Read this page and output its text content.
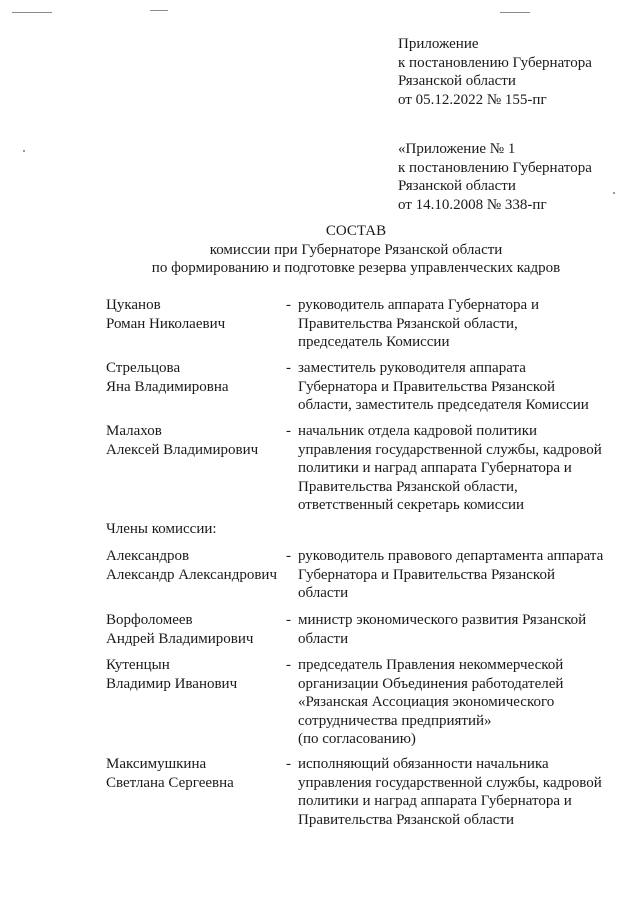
Приложение
к постановлению Губернатора
Рязанской области
от 05.12.2022 № 155-пг
«Приложение № 1
к постановлению Губернатора
Рязанской области
от 14.10.2008 № 338-пг
СОСТАВ
комиссии при Губернаторе Рязанской области
по формированию и подготовке резерва управленческих кадров
Цуканов
Роман Николаевич
- руководитель аппарата Губернатора и
Правительства Рязанской области,
председатель Комиссии
Стрельцова
Яна Владимировна
- заместитель руководителя аппарата
Губернатора и Правительства Рязанской
области, заместитель председателя Комиссии
Малахов
Алексей Владимирович
- начальник отдела кадровой политики
управления государственной службы, кадровой
политики и наград аппарата Губернатора и
Правительства Рязанской области,
ответственный секретарь комиссии
Члены комиссии:
Александров
Александр Александрович
- руководитель правового департамента аппарата
Губернатора и Правительства Рязанской
области
Ворфоломеев
Андрей Владимирович
- министр экономического развития Рязанской
области
Кутенцын
Владимир Иванович
- председатель Правления некоммерческой
организации Объединения работодателей
«Рязанская Ассоциация экономического
сотрудничества предприятий»
(по согласованию)
Максимушкина
Светлана Сергеевна
- исполняющий обязанности начальника
управления государственной службы, кадровой
политики и наград аппарата Губернатора и
Правительства Рязанской области
